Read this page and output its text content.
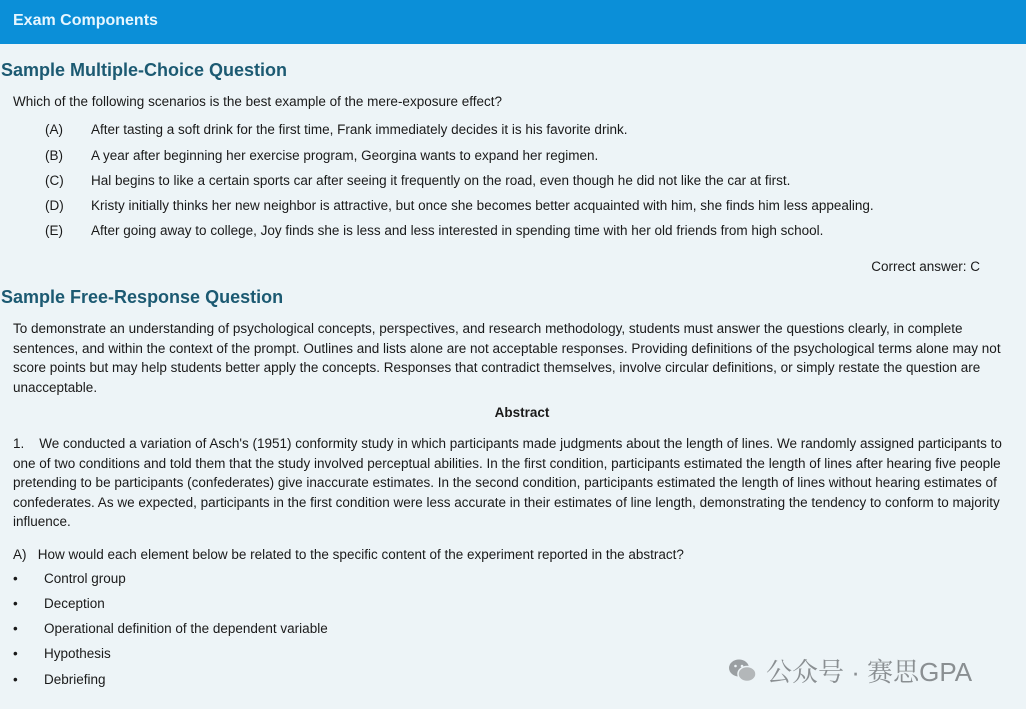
Exam Components
Sample Multiple-Choice Question
Which of the following scenarios is the best example of the mere-exposure effect?
(A) After tasting a soft drink for the first time, Frank immediately decides it is his favorite drink.
(B) A year after beginning her exercise program, Georgina wants to expand her regimen.
(C) Hal begins to like a certain sports car after seeing it frequently on the road, even though he did not like the car at first.
(D) Kristy initially thinks her new neighbor is attractive, but once she becomes better acquainted with him, she finds him less appealing.
(E) After going away to college, Joy finds she is less and less interested in spending time with her old friends from high school.
Correct answer: C
Sample Free-Response Question
To demonstrate an understanding of psychological concepts, perspectives, and research methodology, students must answer the questions clearly, in complete sentences, and within the context of the prompt. Outlines and lists alone are not acceptable responses. Providing definitions of the psychological terms alone may not score points but may help students better apply the concepts. Responses that contradict themselves, involve circular definitions, or simply restate the question are unacceptable.
Abstract
1.    We conducted a variation of Asch's (1951) conformity study in which participants made judgments about the length of lines. We randomly assigned participants to one of two conditions and told them that the study involved perceptual abilities. In the first condition, participants estimated the length of lines after hearing five people pretending to be participants (confederates) give inaccurate estimates. In the second condition, participants estimated the length of lines without hearing estimates of confederates. As we expected, participants in the first condition were less accurate in their estimates of line length, demonstrating the tendency to conform to majority influence.
A)   How would each element below be related to the specific content of the experiment reported in the abstract?
• Control group
• Deception
• Operational definition of the dependent variable
• Hypothesis
• Debriefing	公众号 · 赛思GPA
